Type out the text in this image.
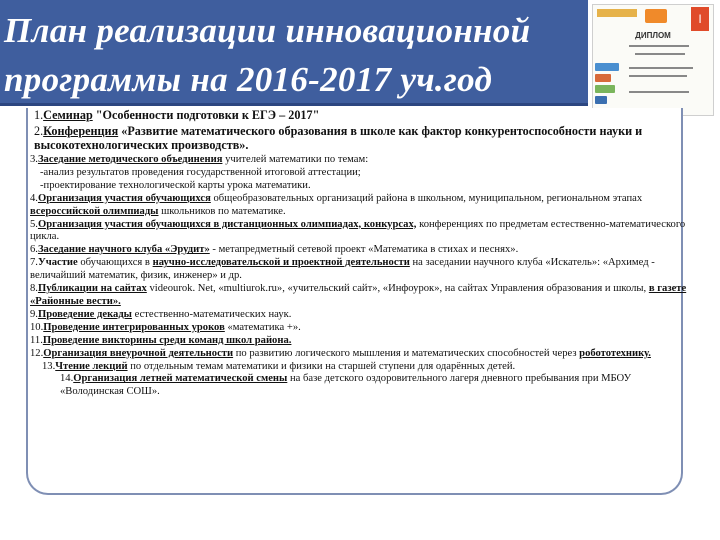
План реализации инновационной
программы на 2016-2017 уч.год
I
ДИПЛОМ

1.Семинар "Особенности подготовки к ЕГЭ – 2017"

2.Конференция «Развитие математического образования в школе как фактор конкурентоспособности науки и высокотехнологических производств».

3.Заседание методического объединения учителей математики по темам:

-анализ результатов проведения государственной итоговой аттестации;

-проектирование технологической карты урока математики.

4.Организация участия обучающихся общеобразовательных организаций района в школьном, муниципальном, региональном этапах всероссийской олимпиады школьников по математике.

5.Организация участия обучающихся в дистанционных олимпиадах, конкурсах, конференциях по предметам естественно-математического цикла.

6.Заседание научного клуба «Эрудит» - метапредметный сетевой проект «Математика в стихах и песнях».

7.Участие обучающихся в научно-исследовательской и проектной деятельности на заседании научного клуба «Искатель»: «Архимед - величайший математик, физик, инженер» и др.

8.Публикации на сайтах videourok. Net, «multiurok.ru», «учительский сайт», «Инфоурок», на сайтах Управления образования и школы, в газете «Районные вести».

9.Проведение декады естественно-математических наук.

10.Проведение интегрированных уроков «математика +».

11.Проведение викторины среди команд школ района.

12.Организация внеурочной деятельности по развитию логического мышления и математических способностей через робототехнику.

13.Чтение лекций по отдельным темам математики и физики на старшей ступени для одарённых детей.

14.Организация летней математической смены на базе детского оздоровительного лагеря дневного пребывания при МБОУ «Володинская СОШ».
